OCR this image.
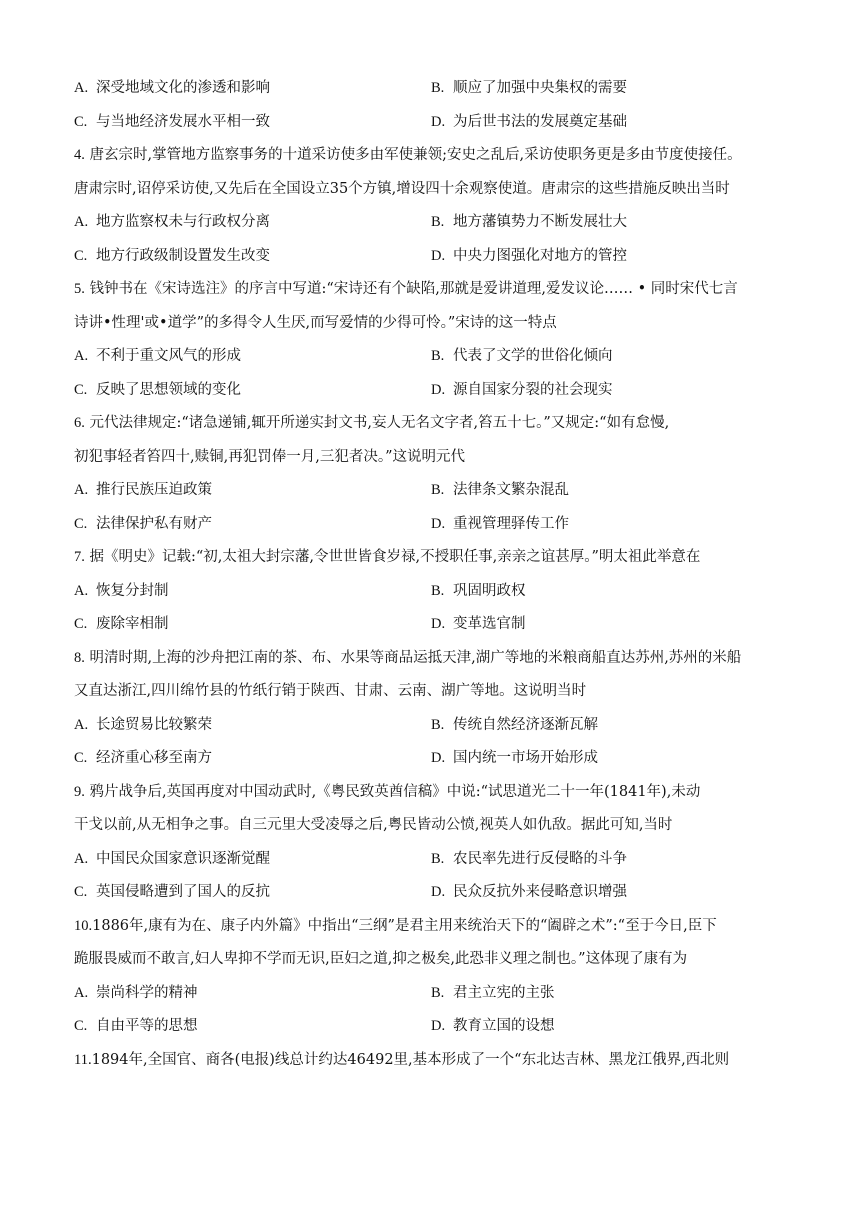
A. 深受地域文化的渗透和影响	B. 顺应了加强中央集权的需要
C. 与当地经济发展水平相一致	D. 为后世书法的发展奠定基础
4. 唐玄宗时,掌管地方监察事务的十道采访使多由军使兼领;安史之乱后,采访使职务更是多由节度使接任。
唐肃宗时,诏停采访使,又先后在全国设立35个方镇,增设四十余观察使道。唐肃宗的这些措施反映出当时
A. 地方监察权未与行政权分离	B. 地方藩镇势力不断发展壮大
C. 地方行政级制设置发生改变	D. 中央力图强化对地方的管控
5. 钱钟书在《宋诗选注》的序言中写道:“宋诗还有个缺陷,那就是爱讲道理,爱发议论…… • 同时宋代七言
诗讲•性理'或•道学”的多得令人生厌,而写爱情的少得可怜。”宋诗的这一特点
A. 不利于重文风气的形成	B. 代表了文学的世俗化倾向
C. 反映了思想领域的变化	D. 源自国家分裂的社会现实
6. 元代法律规定:“诸急递铺,辄开所递实封文书,妄人无名文字者,笞五十七。”又规定:“如有怠慢,
初犯事轻者笞四十,赎铜,再犯罚俸一月,三犯者决。”这说明元代
A. 推行民族压迫政策	B. 法律条文繁杂混乱
C. 法律保护私有财产	D. 重视管理驿传工作
7. 据《明史》记载:“初,太祖大封宗藩,令世世皆食岁禄,不授职任事,亲亲之谊甚厚。”明太祖此举意在
A. 恢复分封制	B. 巩固明政权
C. 废除宰相制	D. 变革选官制
8. 明清时期,上海的沙舟把江南的茶、布、水果等商品运抵天津,湖广等地的米粮商船直达苏州,苏州的米船
又直达浙江,四川绵竹县的竹纸行销于陕西、甘肃、云南、湖广等地。这说明当时
A. 长途贸易比较繁荣	B. 传统自然经济逐渐瓦解
C. 经济重心移至南方	D. 国内统一市场开始形成
9. 鸦片战争后,英国再度对中国动武时,《粤民致英酋信稿》中说:“试思道光二十一年(1841年),未动
干戈以前,从无相争之事。自三元里大受凌辱之后,粤民皆动公愤,视英人如仇敌。据此可知,当时
A. 中国民众国家意识逐渐觉醒	B. 农民率先进行反侵略的斗争
C. 英国侵略遭到了国人的反抗	D. 民众反抗外来侵略意识增强
10.1886年,康有为在、康子内外篇》中指出“三纲”是君主用来统治天下的“阖辟之术”:“至于今日,臣下
跪服畏威而不敢言,妇人卑抑不学而无识,臣妇之道,抑之极矣,此恐非义理之制也。”这体现了康有为
A. 崇尚科学的精神	B. 君主立宪的主张
C. 自由平等的思想	D. 教育立国的设想
11.1894年,全国官、商各(电报)线总计约达46492里,基本形成了一个“东北达吉林、黑龙江俄界,西北则
